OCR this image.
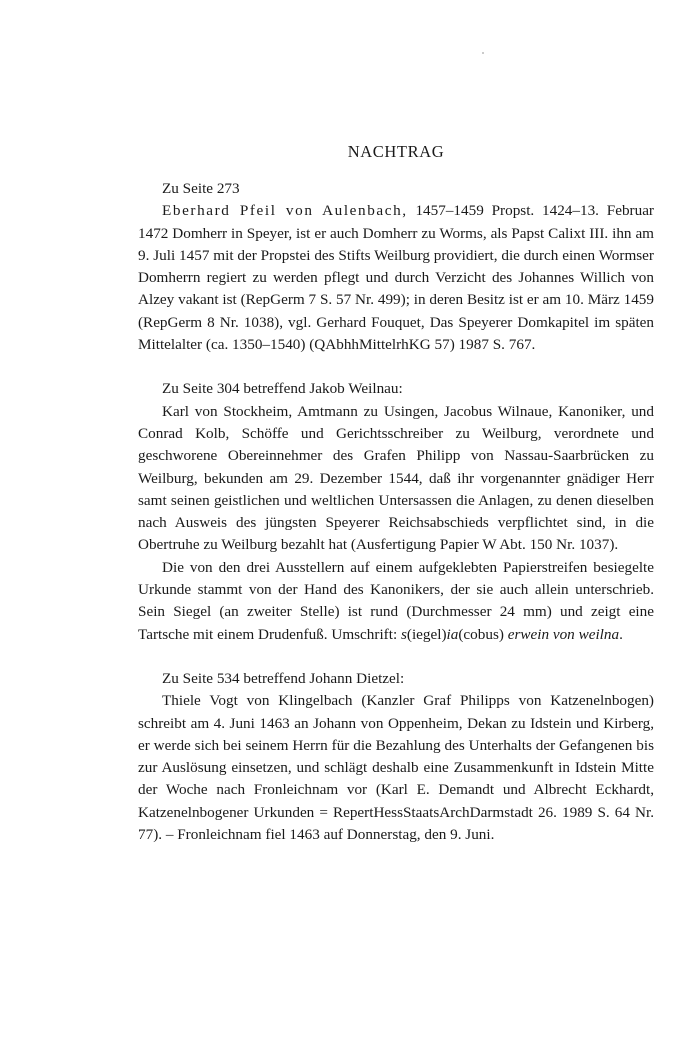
NACHTRAG

Zu Seite 273

Eberhard Pfeil von Aulenbach, 1457–1459 Propst. 1424–13. Februar 1472 Domherr in Speyer, ist er auch Domherr zu Worms, als Papst Calixt III. ihn am 9. Juli 1457 mit der Propstei des Stifts Weilburg providiert, die durch einen Wormser Domherrn regiert zu werden pflegt und durch Verzicht des Johannes Willich von Alzey vakant ist (RepGerm 7 S. 57 Nr. 499); in deren Besitz ist er am 10. März 1459 (RepGerm 8 Nr. 1038), vgl. Gerhard Fouquet, Das Speyerer Domkapitel im späten Mittelalter (ca. 1350–1540) (QAbhhMittelrhKG 57) 1987 S. 767.

Zu Seite 304 betreffend Jakob Weilnau:

Karl von Stockheim, Amtmann zu Usingen, Jacobus Wilnaue, Kanoniker, und Conrad Kolb, Schöffe und Gerichtsschreiber zu Weilburg, verordnete und geschworene Obereinnehmer des Grafen Philipp von Nassau-Saarbrücken zu Weilburg, bekunden am 29. Dezember 1544, daß ihr vorgenannter gnädiger Herr samt seinen geistlichen und weltlichen Untersassen die Anlagen, zu denen dieselben nach Ausweis des jüngsten Speyerer Reichsabschieds verpflichtet sind, in die Obertruhe zu Weilburg bezahlt hat (Ausfertigung Papier W Abt. 150 Nr. 1037).

Die von den drei Ausstellern auf einem aufgeklebten Papierstreifen besiegelte Urkunde stammt von der Hand des Kanonikers, der sie auch allein unterschrieb. Sein Siegel (an zweiter Stelle) ist rund (Durchmesser 24 mm) und zeigt eine Tartsche mit einem Drudenfuß. Umschrift: s(iegel)ia(cobus) erwein von weilna.

Zu Seite 534 betreffend Johann Dietzel:

Thiele Vogt von Klingelbach (Kanzler Graf Philipps von Katzenelnbogen) schreibt am 4. Juni 1463 an Johann von Oppenheim, Dekan zu Idstein und Kirberg, er werde sich bei seinem Herrn für die Bezahlung des Unterhalts der Gefangenen bis zur Auslösung einsetzen, und schlägt deshalb eine Zusammenkunft in Idstein Mitte der Woche nach Fronleichnam vor (Karl E. Demandt und Albrecht Eckhardt, Katzenelnbogener Urkunden = RepertHessStaatsArchDarmstadt 26. 1989 S. 64 Nr. 77). – Fronleichnam fiel 1463 auf Donnerstag, den 9. Juni.
